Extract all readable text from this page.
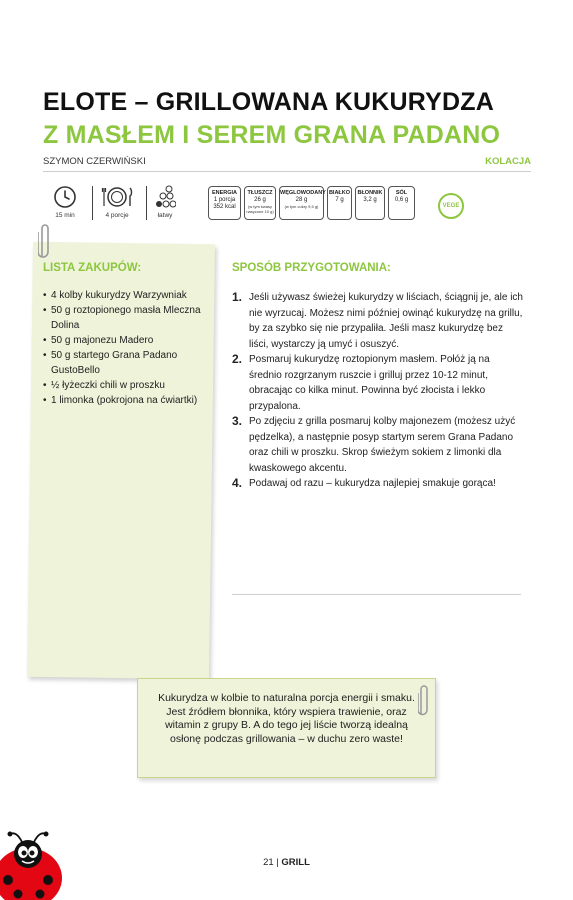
ELOTE – GRILLOWANA KUKURYDZA
Z MASŁEM I SEREM GRANA PADANO
SZYMON CZERWIŃSKI	KOLACJA
15 min	4 porcje	łatwy
ENERGIA
1 porcja
352 kcal
TŁUSZCZ
26 g
(w tym kwasy nasycone 10 g)
WĘGLOWODANY
28 g
(w tym cukry 9,5 g)
BIAŁKO
7 g
BŁONNIK
3,2 g
SÓL
0,6 g
VEGE
LISTA ZAKUPÓW:
• 4 kolby kukurydzy Warzywniak
• 50 g roztopionego masła Mleczna Dolina
• 50 g majonezu Madero
• 50 g startego Grana Padano GustoBello
• ½ łyżeczki chili w proszku
• 1 limonka (pokrojona na ćwiartki)
SPOSÓB PRZYGOTOWANIA:
1. Jeśli używasz świeżej kukurydzy w liściach, ściągnij je, ale ich nie wyrzucaj. Możesz nimi później owinąć kukurydzę na grillu, by za szybko się nie przypaliła. Jeśli masz kukurydzę bez liści, wystarczy ją umyć i osuszyć.
2. Posmaruj kukurydzę roztopionym masłem. Połóż ją na średnio rozgrzanym ruszcie i grilluj przez 10-12 minut, obracając co kilka minut. Powinna być złocista i lekko przypalona.
3. Po zdjęciu z grilla posmaruj kolby majonezem (możesz użyć pędzelka), a następnie posyp startym serem Grana Padano oraz chili w proszku. Skrop świeżym sokiem z limonki dla kwaskowego akcentu.
4. Podawaj od razu – kukurydza najlepiej smakuje gorąca!
Kukurydza w kolbie to naturalna porcja energii i smaku. Jest źródłem błonnika, który wspiera trawienie, oraz witamin z grupy B. A do tego jej liście tworzą idealną osłonę podczas grillowania – w duchu zero waste!
21 | GRILL
